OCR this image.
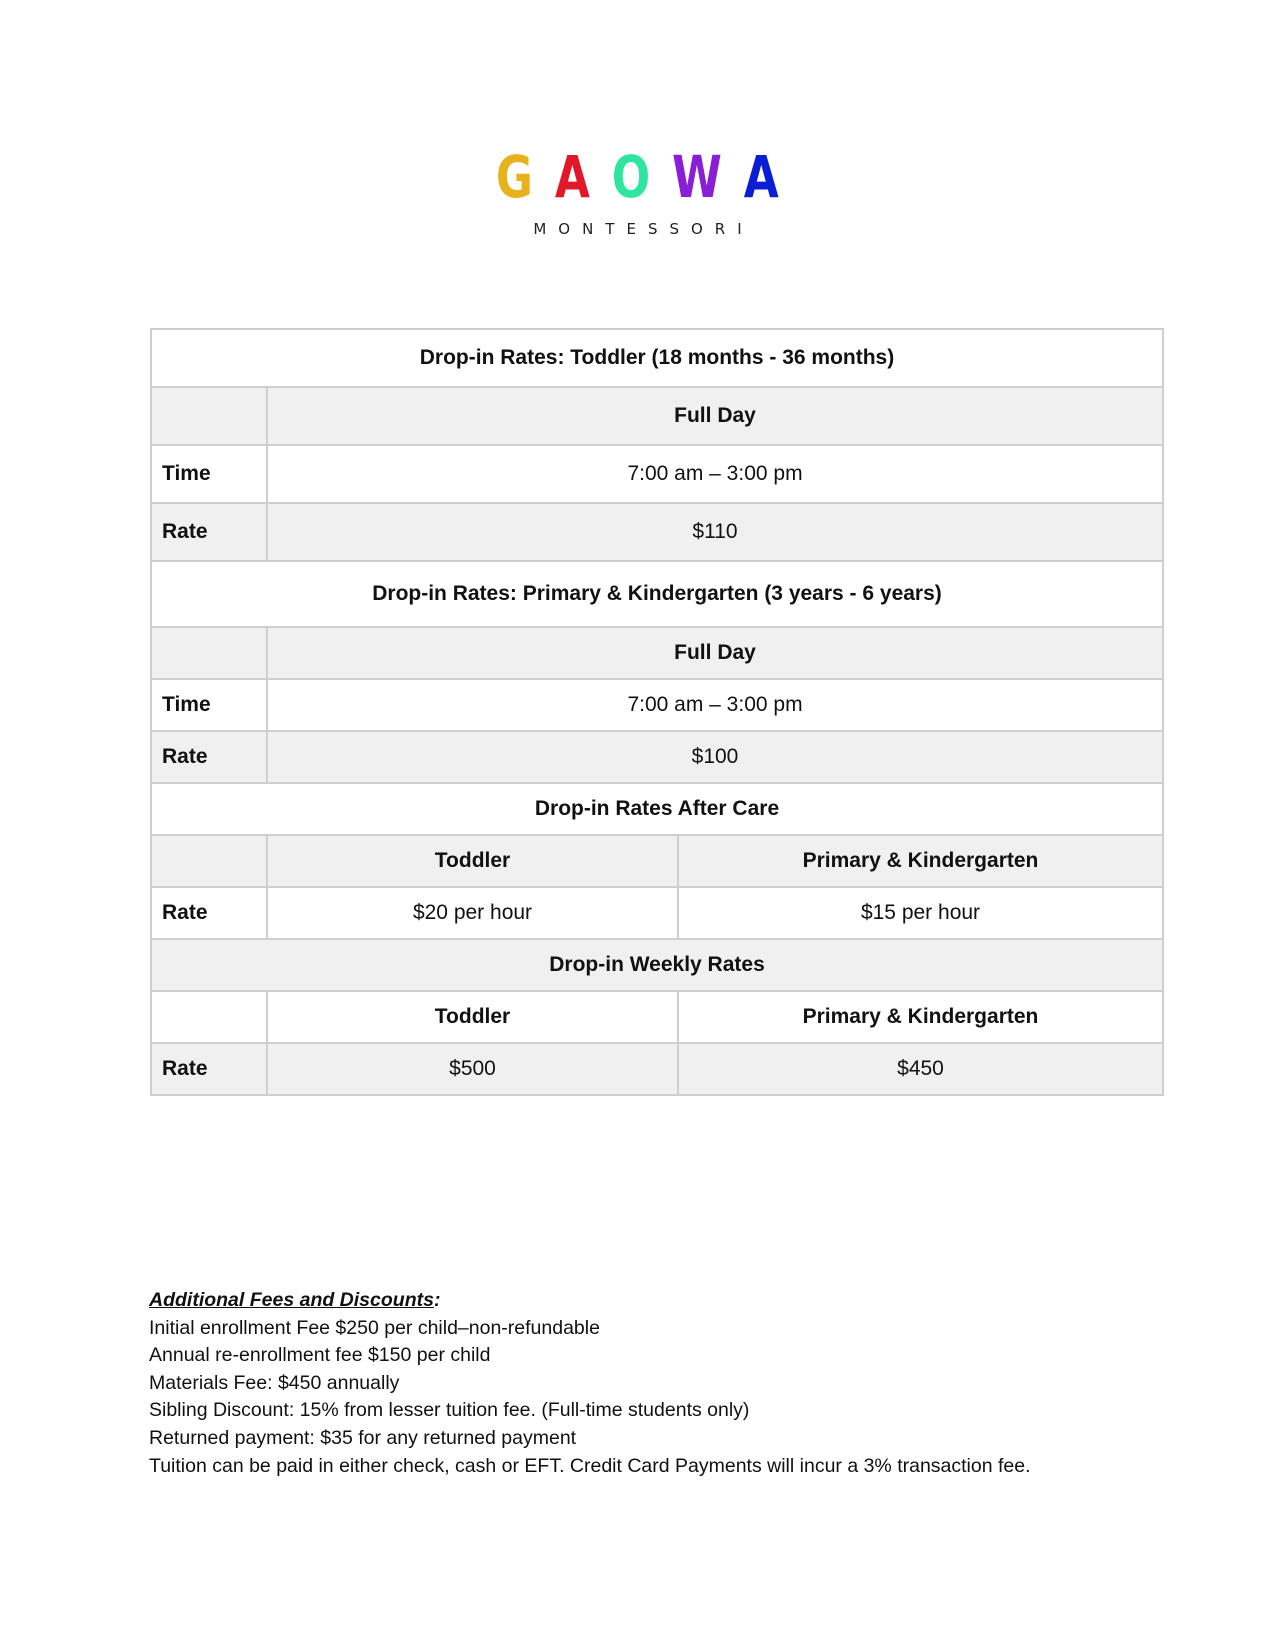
GAOWA
MONTESSORI
Drop-in Rates: Toddler (18 months - 36 months)		
	Full Day	
Time	7:00 am – 3:00 pm	
Rate	$110	
Drop-in Rates: Primary & Kindergarten (3 years - 6 years)		
	Full Day	
Time	7:00 am – 3:00 pm	
Rate	$100	
Drop-in Rates After Care		
	Toddler	Primary & Kindergarten
Rate	$20 per hour	$15 per hour
Drop-in Weekly Rates		
	Toddler	Primary & Kindergarten
Rate	$500	$450
Additional Fees and Discounts:
Initial enrollment Fee $250 per child–non-refundable
Annual re-enrollment fee $150 per child
Materials Fee: $450 annually
Sibling Discount: 15% from lesser tuition fee. (Full-time students only)
Returned payment: $35 for any returned payment
Tuition can be paid in either check, cash or EFT. Credit Card Payments will incur a 3% transaction fee.
